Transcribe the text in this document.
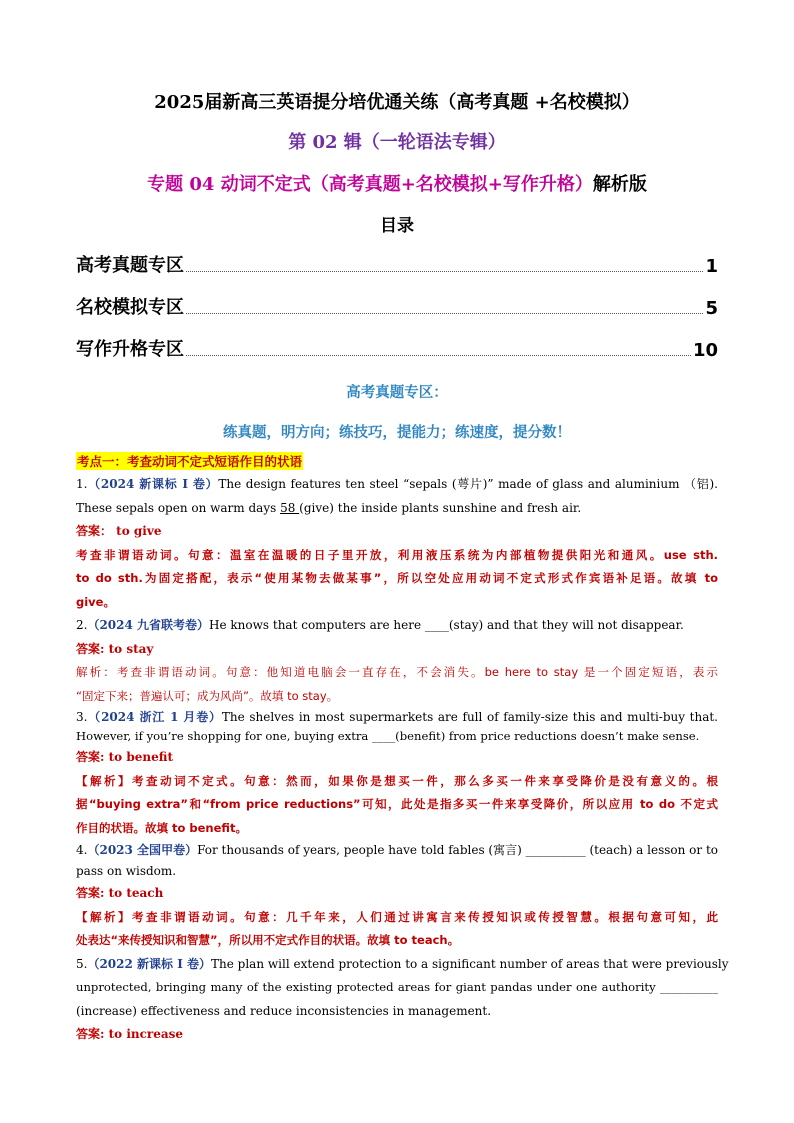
2025届新高三英语提分培优通关练（高考真题 +名校模拟）
第 02 辑（一轮语法专辑）
专题 04 动词不定式（高考真题+名校模拟+写作升格）解析版
目录
高考真题专区	1
名校模拟专区	5
写作升格专区	10
高考真题专区：
练真题，明方向；练技巧，提能力；练速度，提分数！
考点一：考查动词不定式短语作目的状语
1.（2024 新课标 I 卷）The design features ten steel “sepals (萼片)” made of glass and aluminium （铝).
These sepals open on warm days 58 (give) the inside plants sunshine and fresh air.
答案： to give
考查非谓语动词。句意：温室在温暖的日子里开放，利用液压系统为内部植物提供阳光和通风。use sth.
to do sth.为固定搭配，表示“使用某物去做某事”，所以空处应用动词不定式形式作宾语补足语。故填 to
give。
2.（2024 九省联考卷）He knows that computers are here ____(stay) and that they will not disappear.
答案: to stay
解析：考查非谓语动词。句意：他知道电脑会一直存在，不会消失。be here to stay 是一个固定短语，表示
“固定下来；普遍认可；成为风尚”。故填 to stay。
3.（2024 浙江 1 月卷）The shelves in most supermarkets are full of family-size this and multi-buy that.
However, if you’re shopping for one, buying extra ____(benefit) from price reductions doesn’t make sense.
答案: to benefit
【解析】考查动词不定式。句意：然而，如果你是想买一件，那么多买一件来享受降价是没有意义的。根
据“buying extra”和“from price reductions”可知，此处是指多买一件来享受降价，所以应用 to do 不定式
作目的状语。故填 to benefit。
4.（2023 全国甲卷）For thousands of years, people have told fables (寓言) __________ (teach) a lesson or to
pass on wisdom.
答案: to teach
【解析】考查非谓语动词。句意：几千年来，人们通过讲寓言来传授知识或传授智慧。根据句意可知，此
处表达“来传授知识和智慧”，所以用不定式作目的状语。故填 to teach。
5.（2022 新课标 I 卷）The plan will extend protection to a significant number of areas that were previously
unprotected, bringing many of the existing protected areas for giant pandas under one authority __________
(increase) effectiveness and reduce inconsistencies in management.
答案: to increase
